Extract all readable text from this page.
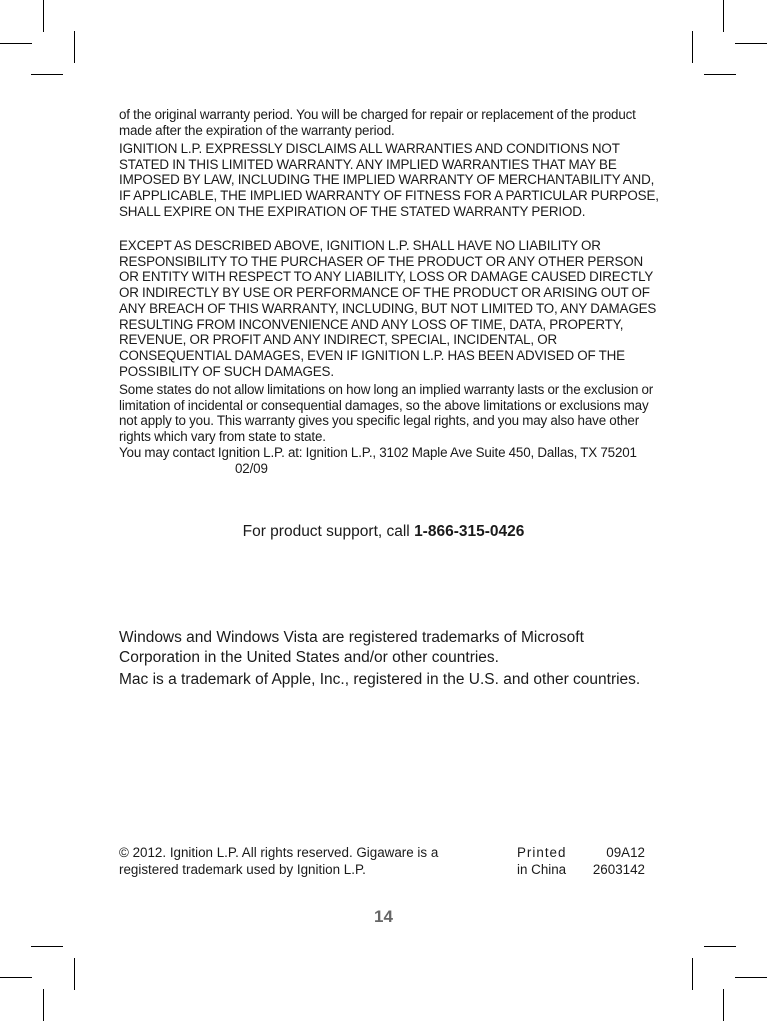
of the original warranty period. You will be charged for repair or replacement of the product made after the expiration of the warranty period.

IGNITION L.P. EXPRESSLY DISCLAIMS ALL WARRANTIES AND CONDITIONS NOT STATED IN THIS LIMITED WARRANTY. ANY IMPLIED WARRANTIES THAT MAY BE IMPOSED BY LAW, INCLUDING THE IMPLIED WARRANTY OF MERCHANTABILITY AND, IF APPLICABLE, THE IMPLIED WARRANTY OF FITNESS FOR A PARTICULAR PURPOSE, SHALL EXPIRE ON THE EXPIRATION OF THE STATED WARRANTY PERIOD.

EXCEPT AS DESCRIBED ABOVE, IGNITION L.P. SHALL HAVE NO LIABILITY OR RESPONSIBILITY TO THE PURCHASER OF THE PRODUCT OR ANY OTHER PERSON OR ENTITY WITH RESPECT TO ANY LIABILITY, LOSS OR DAMAGE CAUSED DIRECTLY OR INDIRECTLY BY USE OR PERFORMANCE OF THE PRODUCT OR ARISING OUT OF ANY BREACH OF THIS WARRANTY, INCLUDING, BUT NOT LIMITED TO, ANY DAMAGES RESULTING FROM INCONVENIENCE AND ANY LOSS OF TIME, DATA, PROPERTY, REVENUE, OR PROFIT AND ANY INDIRECT, SPECIAL, INCIDENTAL, OR CONSEQUENTIAL DAMAGES, EVEN IF IGNITION L.P. HAS BEEN ADVISED OF THE POSSIBILITY OF SUCH DAMAGES.

Some states do not allow limitations on how long an implied warranty lasts or the exclusion or limitation of incidental or consequential damages, so the above limitations or exclusions may not apply to you. This warranty gives you specific legal rights, and you may also have other rights which vary from state to state.

You may contact Ignition L.P. at: Ignition L.P., 3102 Maple Ave Suite 450, Dallas, TX 7520102/09

For product support, call 1-866-315-0426

Windows and Windows Vista are registered trademarks of Microsoft Corporation in the United States and/or other countries.

Mac is a trademark of Apple, Inc., registered in the U.S. and other countries.

© 2012. Ignition L.P. All rights reserved. Gigaware is a registered trademark used by Ignition L.P.

Printed
in China
09A12
2603142
14
